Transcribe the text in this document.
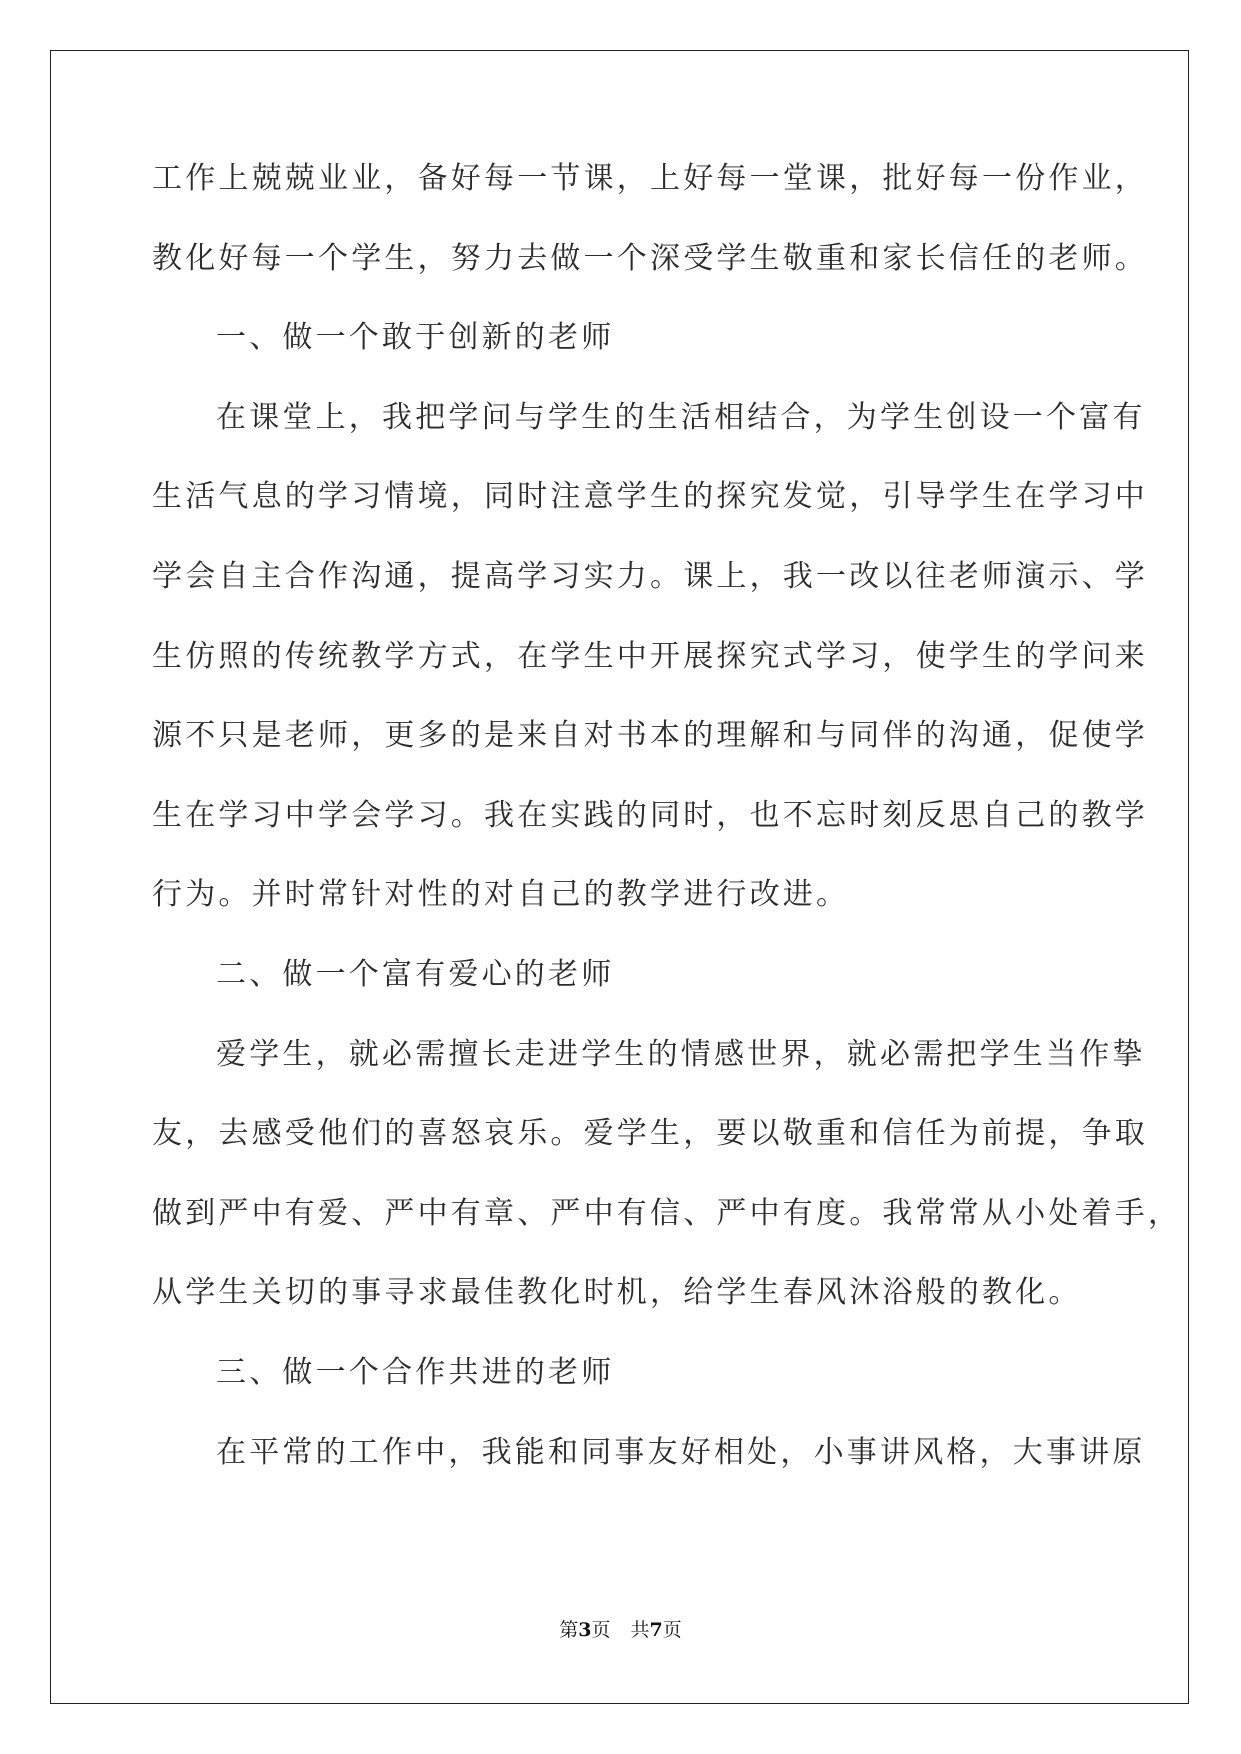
工作上兢兢业业，备好每一节课，上好每一堂课，批好每一份作业，
教化好每一个学生，努力去做一个深受学生敬重和家长信任的老师。
一、做一个敢于创新的老师
在课堂上，我把学问与学生的生活相结合，为学生创设一个富有
生活气息的学习情境，同时注意学生的探究发觉，引导学生在学习中
学会自主合作沟通，提高学习实力。课上，我一改以往老师演示、学
生仿照的传统教学方式，在学生中开展探究式学习，使学生的学问来
源不只是老师，更多的是来自对书本的理解和与同伴的沟通，促使学
生在学习中学会学习。我在实践的同时，也不忘时刻反思自己的教学
行为。并时常针对性的对自己的教学进行改进。
二、做一个富有爱心的老师
爱学生，就必需擅长走进学生的情感世界，就必需把学生当作挚
友，去感受他们的喜怒哀乐。爱学生，要以敬重和信任为前提，争取
做到严中有爱、严中有章、严中有信、严中有度。我常常从小处着手，
从学生关切的事寻求最佳教化时机，给学生春风沐浴般的教化。
三、做一个合作共进的老师
在平常的工作中，我能和同事友好相处，小事讲风格，大事讲原
第3页 共7页
